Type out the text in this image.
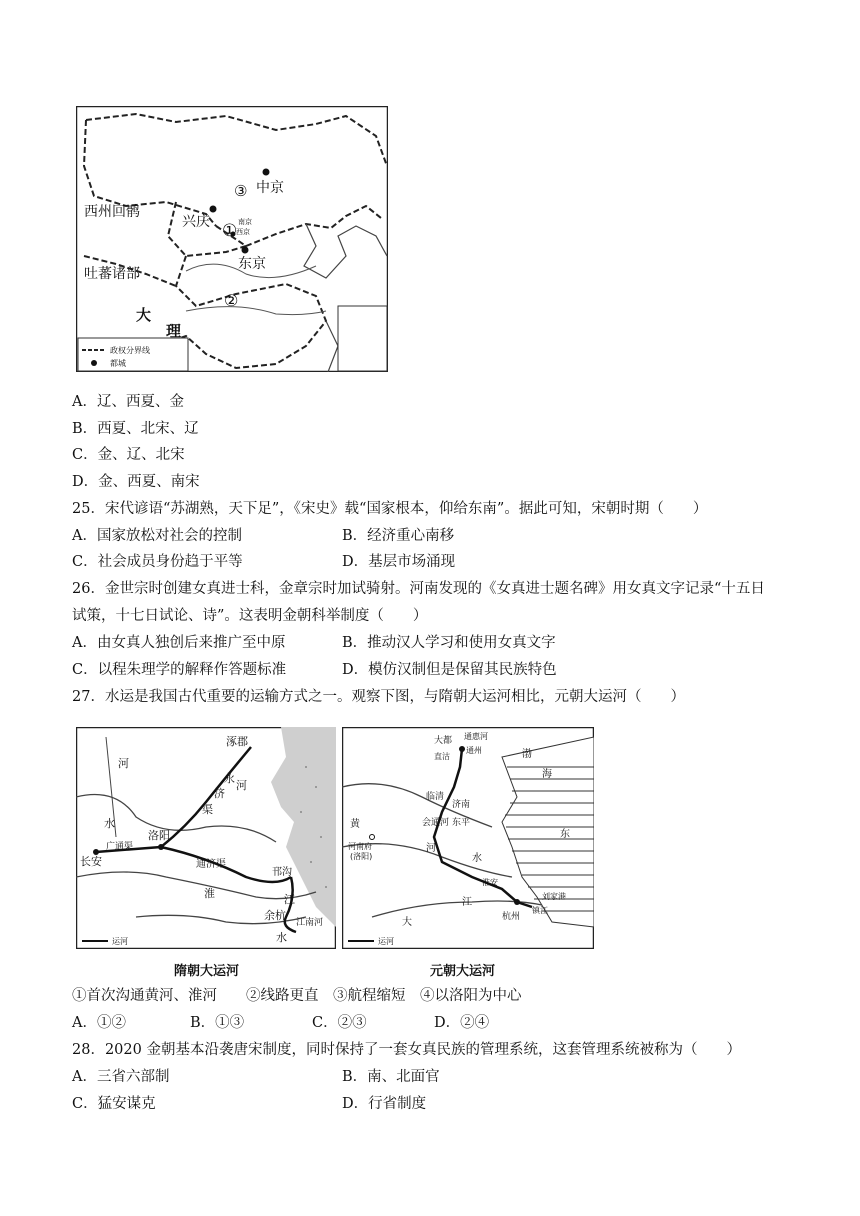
政权分界线
都城
③ 中京
西州回鹘
兴庆 ① 南京
西京
东京
吐蕃诸部
②
大
理
A．辽、西夏、金
B．西夏、北宋、辽
C．金、辽、北宋
D．金、西夏、南宋
25．宋代谚语“苏湖熟，天下足”，《宋史》载“国家根本，仰给东南”。据此可知，宋朝时期（　　）
A．国家放松对社会的控制	B．经济重心南移
C．社会成员身份趋于平等	D．基层市场涌现
26．金世宗时创建女真进士科，金章宗时加试骑射。河南发现的《女真进士题名碑》用女真文字记录“十五日
试策，十七日试论、诗”。这表明金朝科举制度（　　）
A．由女真人独创后来推广至中原	B．推动汉人学习和使用女真文字
C．以程朱理学的解释作答题标准	D．模仿汉制但是保留其民族特色
27．水运是我国古代重要的运输方式之一。观察下图，与隋朝大运河相比，元朝大运河（　　）
运河
涿郡
河
永
济
渠
水
河
长安
广通渠
洛阳
通济渠
淮
邗沟
江
余杭
江南河
水	运河
大都 通惠河
通州
直沽	渤
海
济南
临清
会通河 东平
黄
河南府
(洛阳)
河
水
淮安
江
杭州
东
大
镇江
刘家港
隋朝大运河	元朝大运河
①首次沟通黄河、淮河　　②线路更直　③航程缩短　④以洛阳为中心
A．①②	B．①③	C．②③	D．②④
28．2020 金朝基本沿袭唐宋制度，同时保持了一套女真民族的管理系统，这套管理系统被称为（　　）
A．三省六部制	B．南、北面官
C．猛安谋克	D．行省制度
